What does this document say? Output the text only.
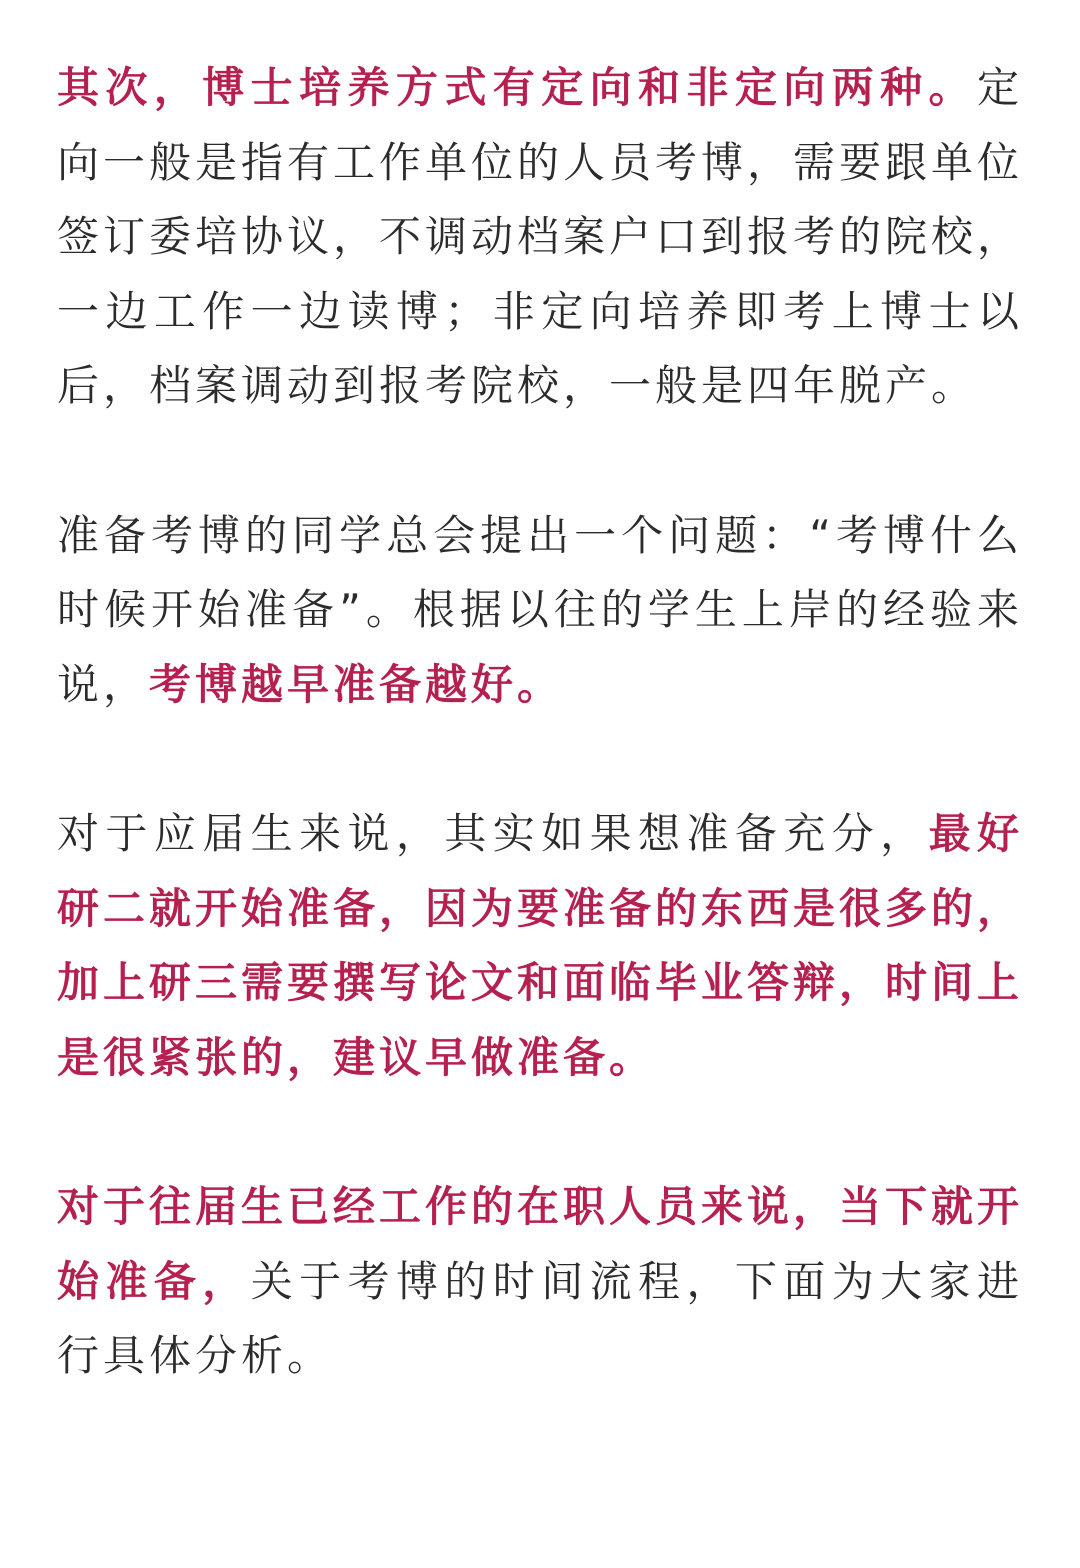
其次，博士培养方式有定向和非定向两种。定向一般是指有工作单位的人员考博，需要跟单位签订委培协议，不调动档案户口到报考的院校，一边工作一边读博；非定向培养即考上博士以后，档案调动到报考院校，一般是四年脱产。

准备考博的同学总会提出一个问题：“考博什么时候开始准备”。根据以往的学生上岸的经验来说，考博越早准备越好。

对于应届生来说，其实如果想准备充分，最好研二就开始准备，因为要准备的东西是很多的，加上研三需要撰写论文和面临毕业答辩，时间上是很紧张的，建议早做准备。

对于往届生已经工作的在职人员来说，当下就开始准备，关于考博的时间流程，下面为大家进行具体分析。
